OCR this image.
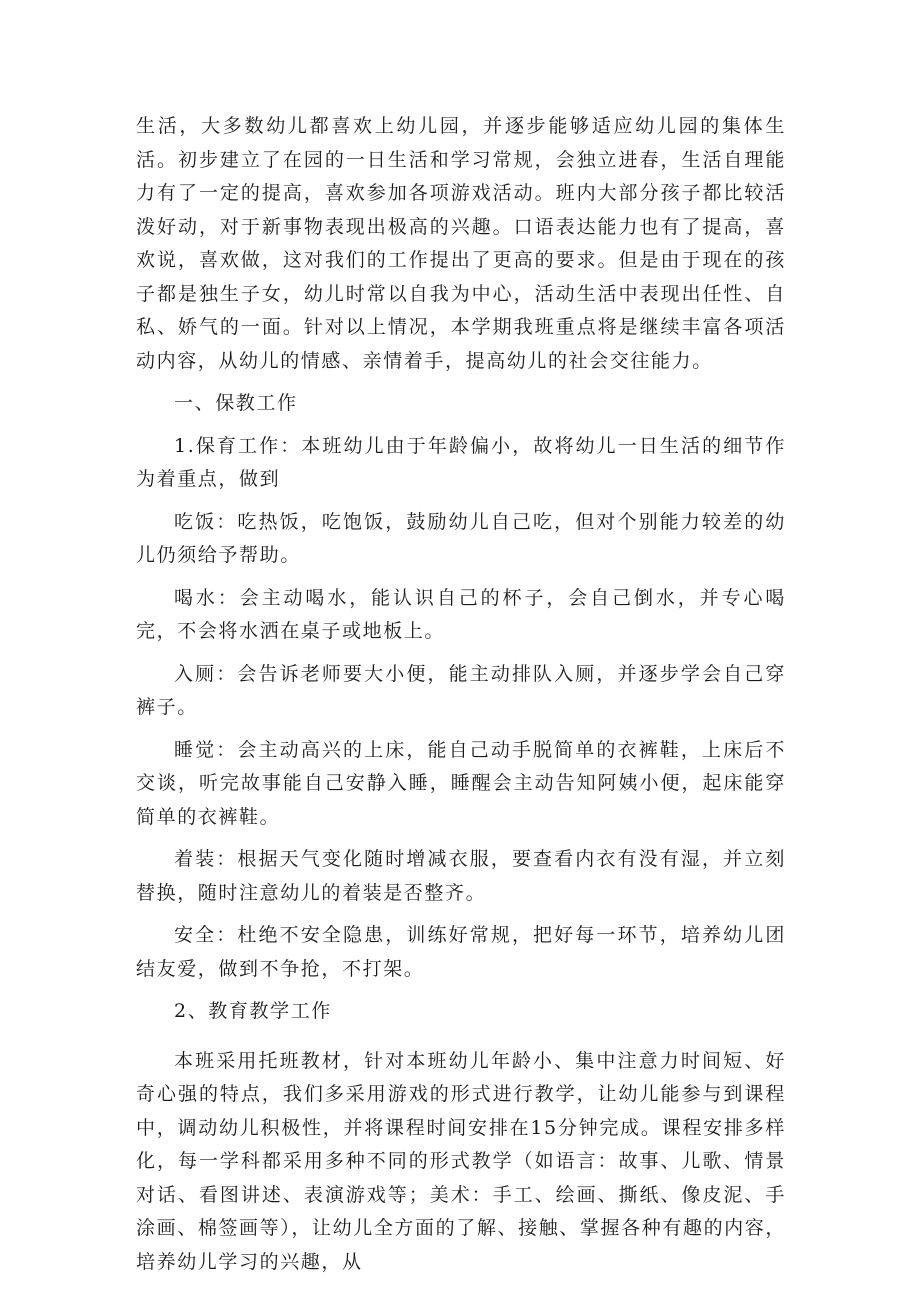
生活，大多数幼儿都喜欢上幼儿园，并逐步能够适应幼儿园的集体生活。初步建立了在园的一日生活和学习常规，会独立进春，生活自理能力有了一定的提高，喜欢参加各项游戏活动。班内大部分孩子都比较活泼好动，对于新事物表现出极高的兴趣。口语表达能力也有了提高，喜欢说，喜欢做，这对我们的工作提出了更高的要求。但是由于现在的孩子都是独生子女，幼儿时常以自我为中心，活动生活中表现出任性、自私、娇气的一面。针对以上情况，本学期我班重点将是继续丰富各项活动内容，从幼儿的情感、亲情着手，提高幼儿的社会交往能力。

一、保教工作

1.保育工作：本班幼儿由于年龄偏小，故将幼儿一日生活的细节作为着重点，做到

吃饭：吃热饭，吃饱饭，鼓励幼儿自己吃，但对个别能力较差的幼儿仍须给予帮助。

喝水：会主动喝水，能认识自己的杯子，会自己倒水，并专心喝完，不会将水洒在桌子或地板上。

入厕：会告诉老师要大小便，能主动排队入厕，并逐步学会自己穿裤子。

睡觉：会主动高兴的上床，能自己动手脱简单的衣裤鞋，上床后不交谈，听完故事能自己安静入睡，睡醒会主动告知阿姨小便，起床能穿简单的衣裤鞋。

着装：根据天气变化随时增减衣服，要查看内衣有没有湿，并立刻替换，随时注意幼儿的着装是否整齐。

安全：杜绝不安全隐患，训练好常规，把好每一环节，培养幼儿团结友爱，做到不争抢，不打架。

2、教育教学工作

本班采用托班教材，针对本班幼儿年龄小、集中注意力时间短、好奇心强的特点，我们多采用游戏的形式进行教学，让幼儿能参与到课程中，调动幼儿积极性，并将课程时间安排在15分钟完成。课程安排多样化，每一学科都采用多种不同的形式教学（如语言：故事、儿歌、情景对话、看图讲述、表演游戏等；美术：手工、绘画、撕纸、像皮泥、手涂画、棉签画等），让幼儿全方面的了解、接触、掌握各种有趣的内容，培养幼儿学习的兴趣，从
